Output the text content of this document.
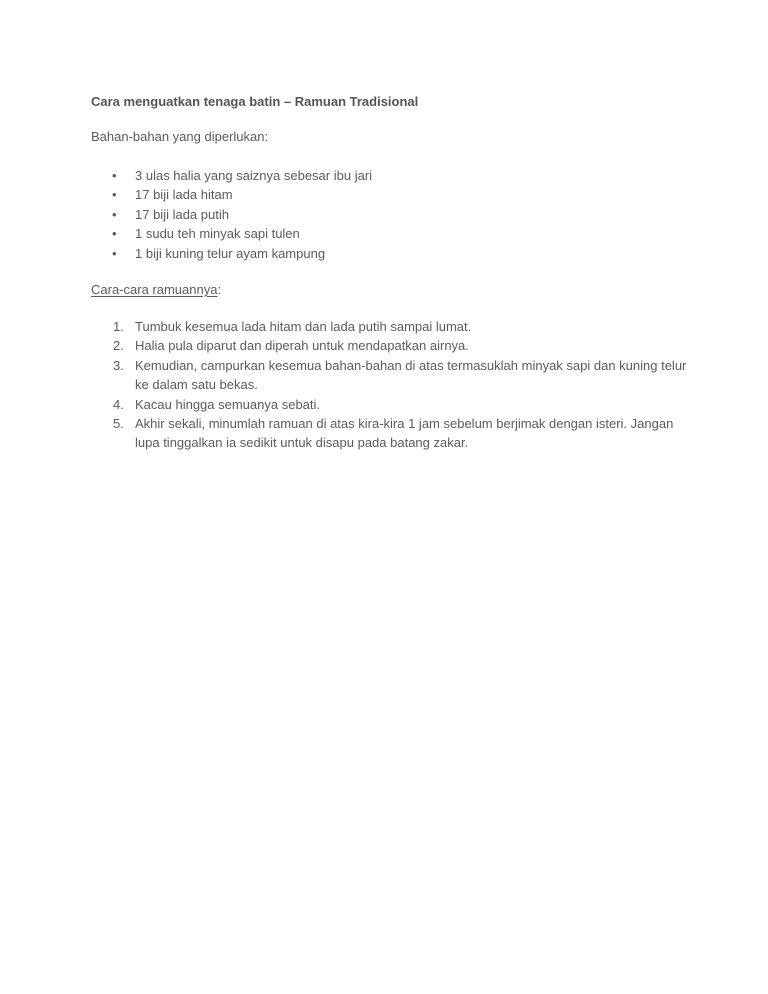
Cara menguatkan tenaga batin – Ramuan Tradisional

Bahan-bahan yang diperlukan:

• 3 ulas halia yang saiznya sebesar ibu jari
• 17 biji lada hitam
• 17 biji lada putih
• 1 sudu teh minyak sapi tulen
• 1 biji kuning telur ayam kampung

Cara-cara ramuannya:

1. Tumbuk kesemua lada hitam dan lada putih sampai lumat.
2. Halia pula diparut dan diperah untuk mendapatkan airnya.
3. Kemudian, campurkan kesemua bahan-bahan di atas termasuklah minyak sapi dan kuning telur ke dalam satu bekas.
4. Kacau hingga semuanya sebati.
5. Akhir sekali, minumlah ramuan di atas kira-kira 1 jam sebelum berjimak dengan isteri. Jangan lupa tinggalkan ia sedikit untuk disapu pada batang zakar.
